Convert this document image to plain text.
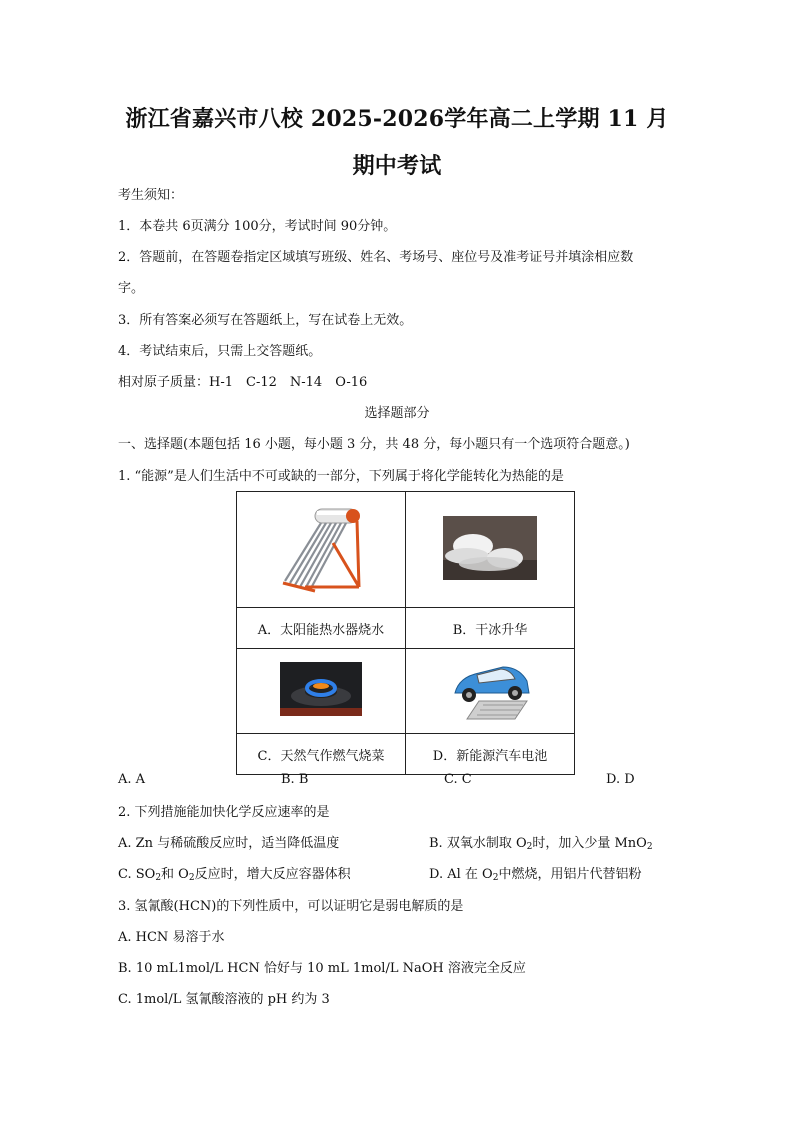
浙江省嘉兴市八校 2025-2026学年高二上学期 11 月期中考试
考生须知：
1．本卷共 6页满分 100分，考试时间 90分钟。
2．答题前，在答题卷指定区域填写班级、姓名、考场号、座位号及准考证号并填涂相应数
字。
3．所有答案必须写在答题纸上，写在试卷上无效。
4．考试结束后，只需上交答题纸。
相对原子质量：H-1　C-12　N-14　O-16
选择题部分
一、选择题(本题包括 16 小题，每小题 3 分，共 48 分，每小题只有一个选项符合题意。)
1. “能源”是人们生活中不可或缺的一部分，下列属于将化学能转化为热能的是

A．太阳能热水器烧水	B．干冰升华

C．天然气作燃气烧菜	D．新能源汽车电池
A. A	B. B	C. C	D. D
2. 下列措施能加快化学反应速率的是
A. Zn 与稀硫酸反应时，适当降低温度	B. 双氧水制取 $O_2$时，加入少量 MnO$_2$
C. $SO_2$和 $O_2$反应时，增大反应容器体积	D. Al 在 $O_2$中燃烧，用铝片代替铝粉
3. 氢氰酸(HCN)的下列性质中，可以证明它是弱电解质的是
A. HCN 易溶于水
B. 10 mL1mol/L HCN 恰好与 10 mL 1mol/L NaOH 溶液完全反应
C. 1mol/L 氢氰酸溶液的 pH 约为 3
